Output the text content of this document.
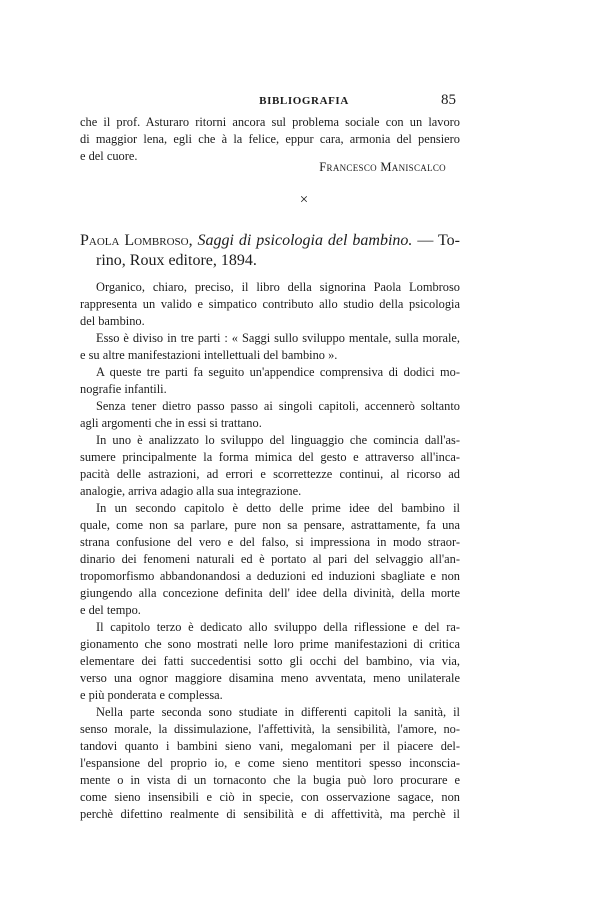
BIBLIOGRAFIA	85

che il prof. Asturaro ritorni ancora sul problema sociale con un lavoro

di maggior lena, egli che à la felice, eppur cara, armonia del pensiero

e del cuore.

Francesco Maniscalco
×

Paola Lombroso, Saggi di psicologia del bambino. — To-

rino, Roux editore, 1894.

Organico, chiaro, preciso, il libro della signorina Paola Lombroso

rappresenta un valido e simpatico contributo allo studio della psicologia

del bambino.

Esso è diviso in tre parti : « Saggi sullo sviluppo mentale, sulla morale,

e su altre manifestazioni intellettuali del bambino ».

A queste tre parti fa seguito un'appendice comprensiva di dodici mo-

nografie infantili.

Senza tener dietro passo passo ai singoli capitoli, accennerò soltanto

agli argomenti che in essi si trattano.

In uno è analizzato lo sviluppo del linguaggio che comincia dall'as-

sumere principalmente la forma mimica del gesto e attraverso all'inca-

pacità delle astrazioni, ad errori e scorrettezze continui, al ricorso ad

analogie, arriva adagio alla sua integrazione.

In un secondo capitolo è detto delle prime idee del bambino il

quale, come non sa parlare, pure non sa pensare, astrattamente, fa una

strana confusione del vero e del falso, si impressiona in modo straor-

dinario dei fenomeni naturali ed è portato al pari del selvaggio all'an-

tropomorfismo abbandonandosi a deduzioni ed induzioni sbagliate e non

giungendo alla concezione definita dell' idee della divinità, della morte

e del tempo.

Il capitolo terzo è dedicato allo sviluppo della riflessione e del ra-

gionamento che sono mostrati nelle loro prime manifestazioni di critica

elementare dei fatti succedentisi sotto gli occhi del bambino, via via,

verso una ognor maggiore disamina meno avventata, meno unilaterale

e più ponderata e complessa.

Nella parte seconda sono studiate in differenti capitoli la sanità, il

senso morale, la dissimulazione, l'affettività, la sensibilità, l'amore, no-

tandovi quanto i bambini sieno vani, megalomani per il piacere del-

l'espansione del proprio io, e come sieno mentitori spesso inconscia-

mente o in vista di un tornaconto che la bugia può loro procurare e

come sieno insensibili e ciò in specie, con osservazione sagace, non

perchè difettino realmente di sensibilità e di affettività, ma perchè il
